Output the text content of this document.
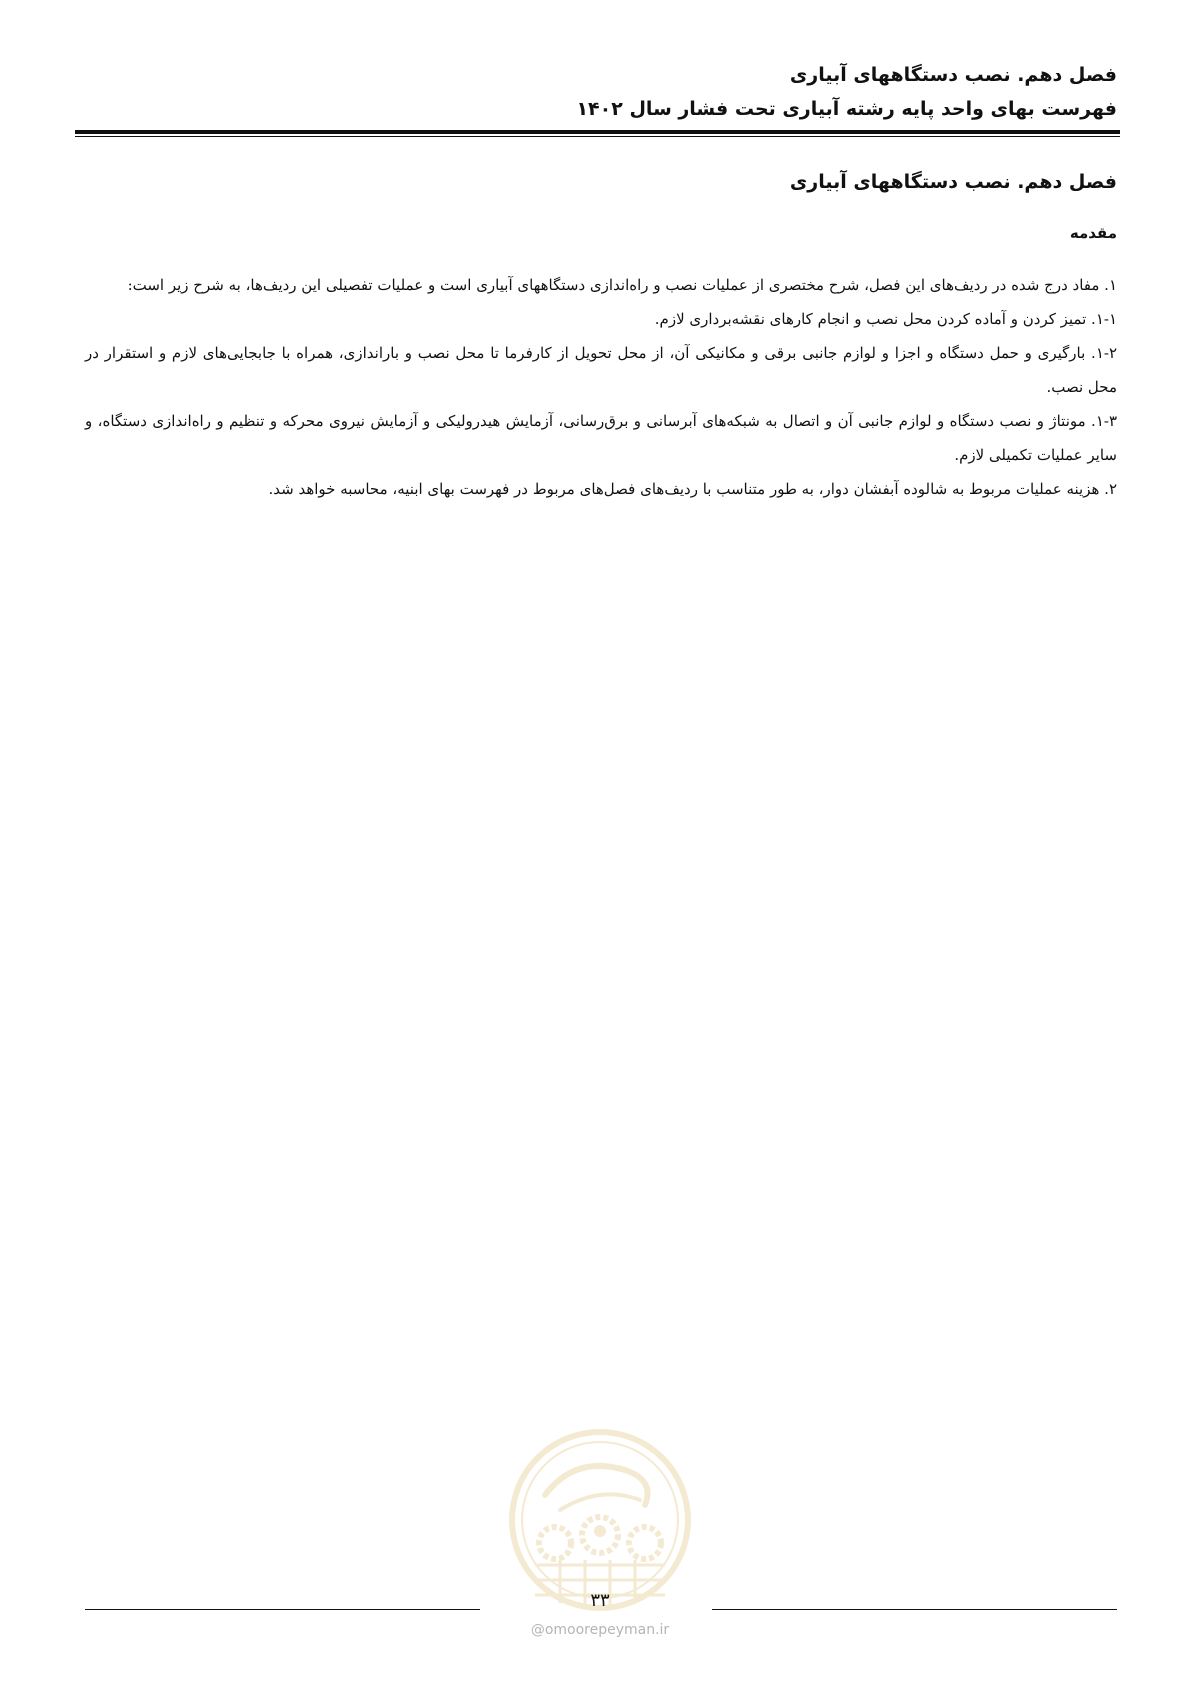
فصل دهم. نصب دستگاههای آبیاری

فهرست بهای واحد پایه رشته آبیاری تحت فشار سال ۱۴۰۲

فصل دهم. نصب دستگاههای آبیاری
مقدمه

۱. مفاد درج شده در ردیف‌های این فصل، شرح مختصری از عملیات نصب و راه‌اندازی دستگاههای آبیاری است و عملیات تفصیلی این ردیف‌ها، به شرح زیر است:

۱-۱. تمیز کردن و آماده کردن محل نصب و انجام کارهای نقشه‌برداری لازم.

۱-۲. بارگیری و حمل دستگاه و اجزا و لوازم جانبی برقی و مکانیکی آن، از محل تحویل از کارفرما تا محل نصب و باراندازی، همراه با جابجایی‌های لازم و استقرار در محل نصب.

۱-۳. مونتاژ و نصب دستگاه و لوازم جانبی آن و اتصال به شبکه‌های آبرسانی و برق‌رسانی، آزمایش هیدرولیکی و آزمایش نیروی محرکه و تنظیم و راه‌اندازی دستگاه، و سایر عملیات تکمیلی لازم.

۲. هزینه عملیات مربوط به شالوده آبفشان دوار، به طور متناسب با ردیف‌های فصل‌های مربوط در فهرست بهای ابنیه، محاسبه خواهد شد.

۳۳
@omoorepeyman.ir
